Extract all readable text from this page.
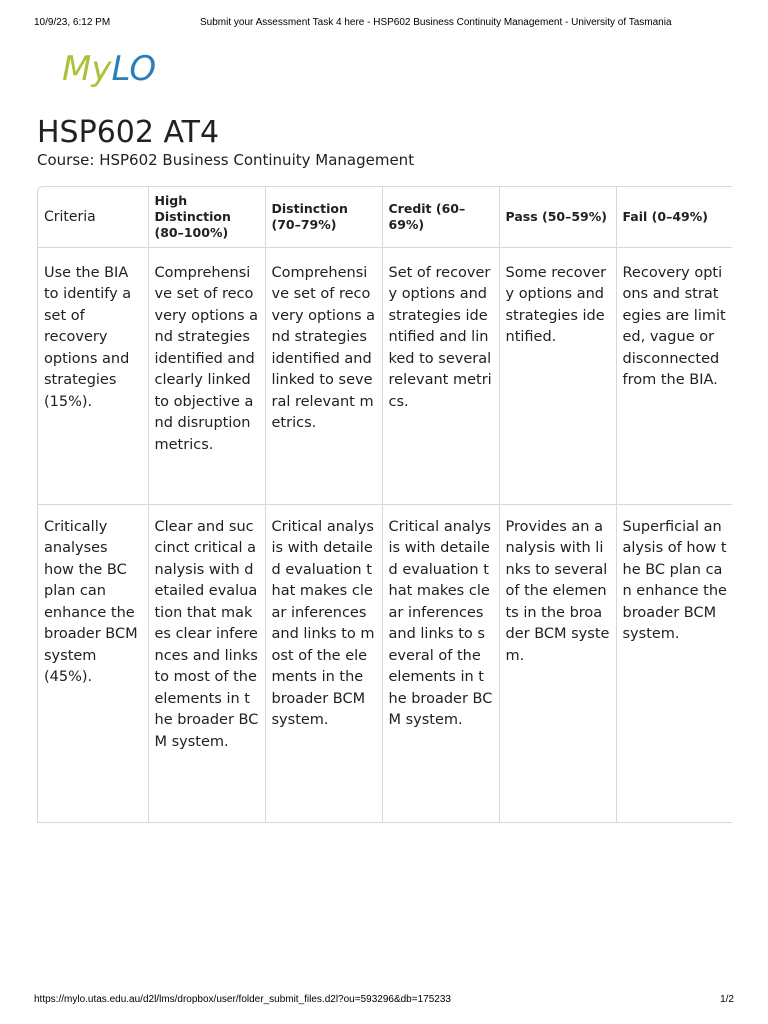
10/9/23, 6:12 PM	Submit your Assessment Task 4 here - HSP602 Business Continuity Management - University of Tasmania
MyLO
HSP602 AT4
Course: HSP602 Business Continuity Management
Criteria	High Distinction (80–100%)	Distinction (70–79%)	Credit (60–69%)	Pass (50–59%)	Fail (0–49%)
Use the BIA to identify a set of recovery options and strategies (15%).	Comprehensive set of recovery options and strategies identified and clearly linked to objective and disruption metrics.	Comprehensive set of recovery options and strategies identified and linked to several relevant metrics.	Set of recovery options and strategies identified and linked to several relevant metrics.	Some recovery options and strategies identified.	Recovery options and strategies are limited, vague or disconnected from the BIA.
Critically analyses how the BC plan can enhance the broader BCM system (45%).	Clear and succinct critical analysis with detailed evaluation that makes clear inferences and links to most of the elements in the broader BCM system.	Critical analysis with detailed evaluation that makes clear inferences and links to most of the elements in the broader BCM system.	Critical analysis with detailed evaluation that makes clear inferences and links to several of the elements in the broader BCM system.	Provides an analysis with links to several of the elements in the broader BCM system.	Superficial analysis of how the BC plan can enhance the broader BCM system.
https://mylo.utas.edu.au/d2l/lms/dropbox/user/folder_submit_files.d2l?ou=593296&db=175233	1/2
